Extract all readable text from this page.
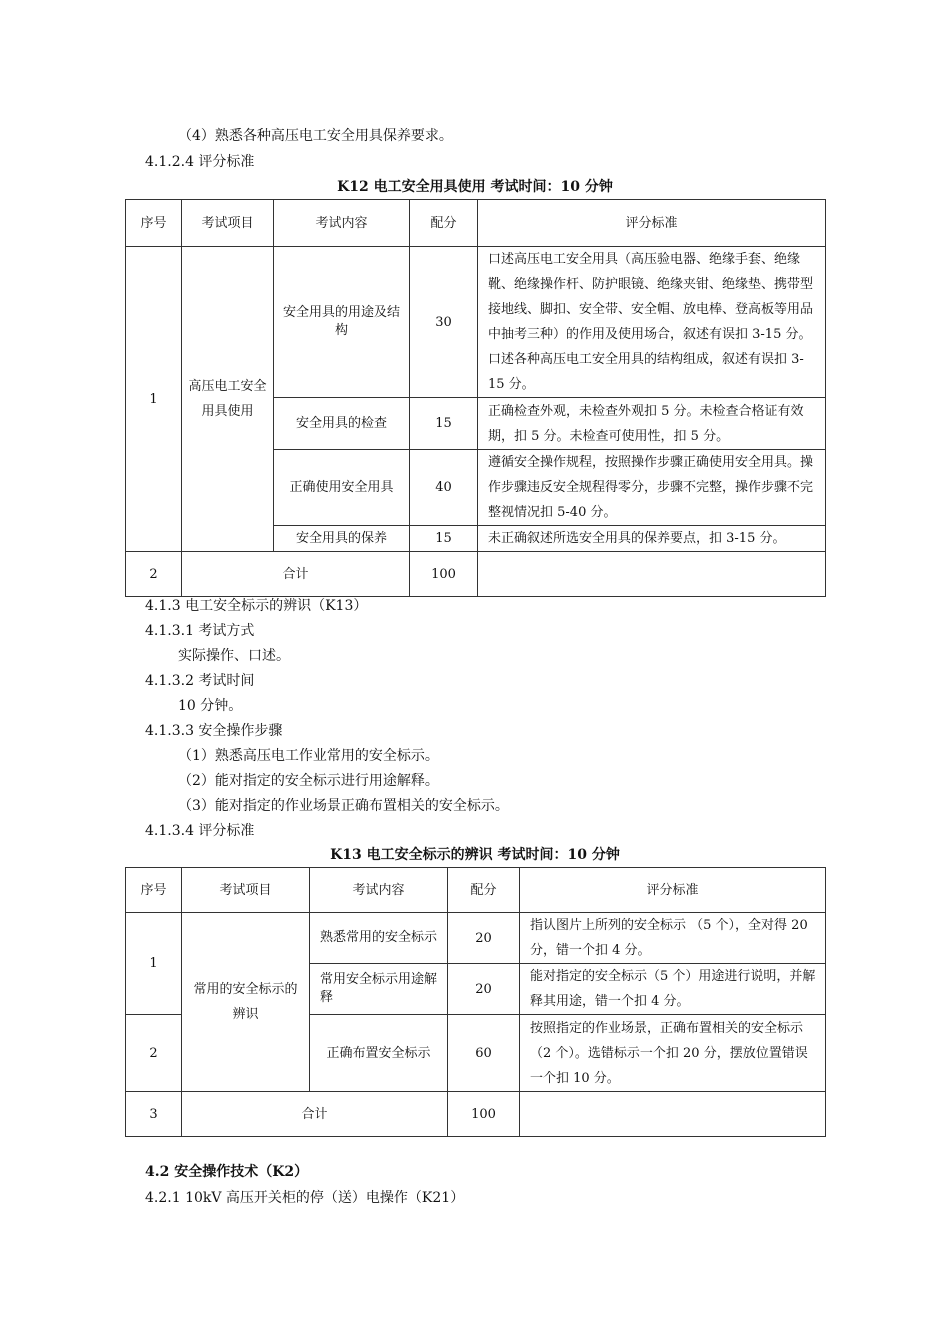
（4）熟悉各种高压电工安全用具保养要求。
4.1.2.4 评分标准
K12 电工安全用具使用 考试时间：10 分钟
序号	考试项目	考试内容	配分	评分标准
1	高压电工安全用具使用	安全用具的用途及结构	30	口述高压电工安全用具（高压验电器、绝缘手套、绝缘靴、绝缘操作杆、防护眼镜、绝缘夹钳、绝缘垫、携带型接地线、脚扣、安全带、安全帽、放电棒、登高板等用品中抽考三种）的作用及使用场合，叙述有误扣 3-15 分。口述各种高压电工安全用具的结构组成，叙述有误扣 3-15 分。
		安全用具的检查	15	正确检查外观，未检查外观扣 5 分。未检查合格证有效期，扣 5 分。未检查可使用性，扣 5 分。
		正确使用安全用具	40	遵循安全操作规程，按照操作步骤正确使用安全用具。操作步骤违反安全规程得零分，步骤不完整，操作步骤不完整视情况扣 5-40 分。
		安全用具的保养	15	未正确叙述所选安全用具的保养要点，扣 3-15 分。
2	合计		100	
4.1.3 电工安全标示的辨识（K13）
4.1.3.1 考试方式
实际操作、口述。
4.1.3.2 考试时间
10 分钟。
4.1.3.3 安全操作步骤
（1）熟悉高压电工作业常用的安全标示。
（2）能对指定的安全标示进行用途解释。
（3）能对指定的作业场景正确布置相关的安全标示。
4.1.3.4 评分标准
K13 电工安全标示的辨识 考试时间：10 分钟
序号	考试项目	考试内容	配分	评分标准
1	常用的安全标示的辨识	熟悉常用的安全标示	20	指认图片上所列的安全标示 （5 个），全对得 20 分，错一个扣 4 分。
		常用安全标示用途解释	20	能对指定的安全标示（5 个）用途进行说明，并解释其用途，错一个扣 4 分。
2		正确布置安全标示	60	按照指定的作业场景，正确布置相关的安全标示（2 个）。选错标示一个扣 20 分，摆放位置错误一个扣 10 分。
3	合计		100	
4.2 安全操作技术（K2）
4.2.1 10kV 高压开关柜的停（送）电操作（K21）
